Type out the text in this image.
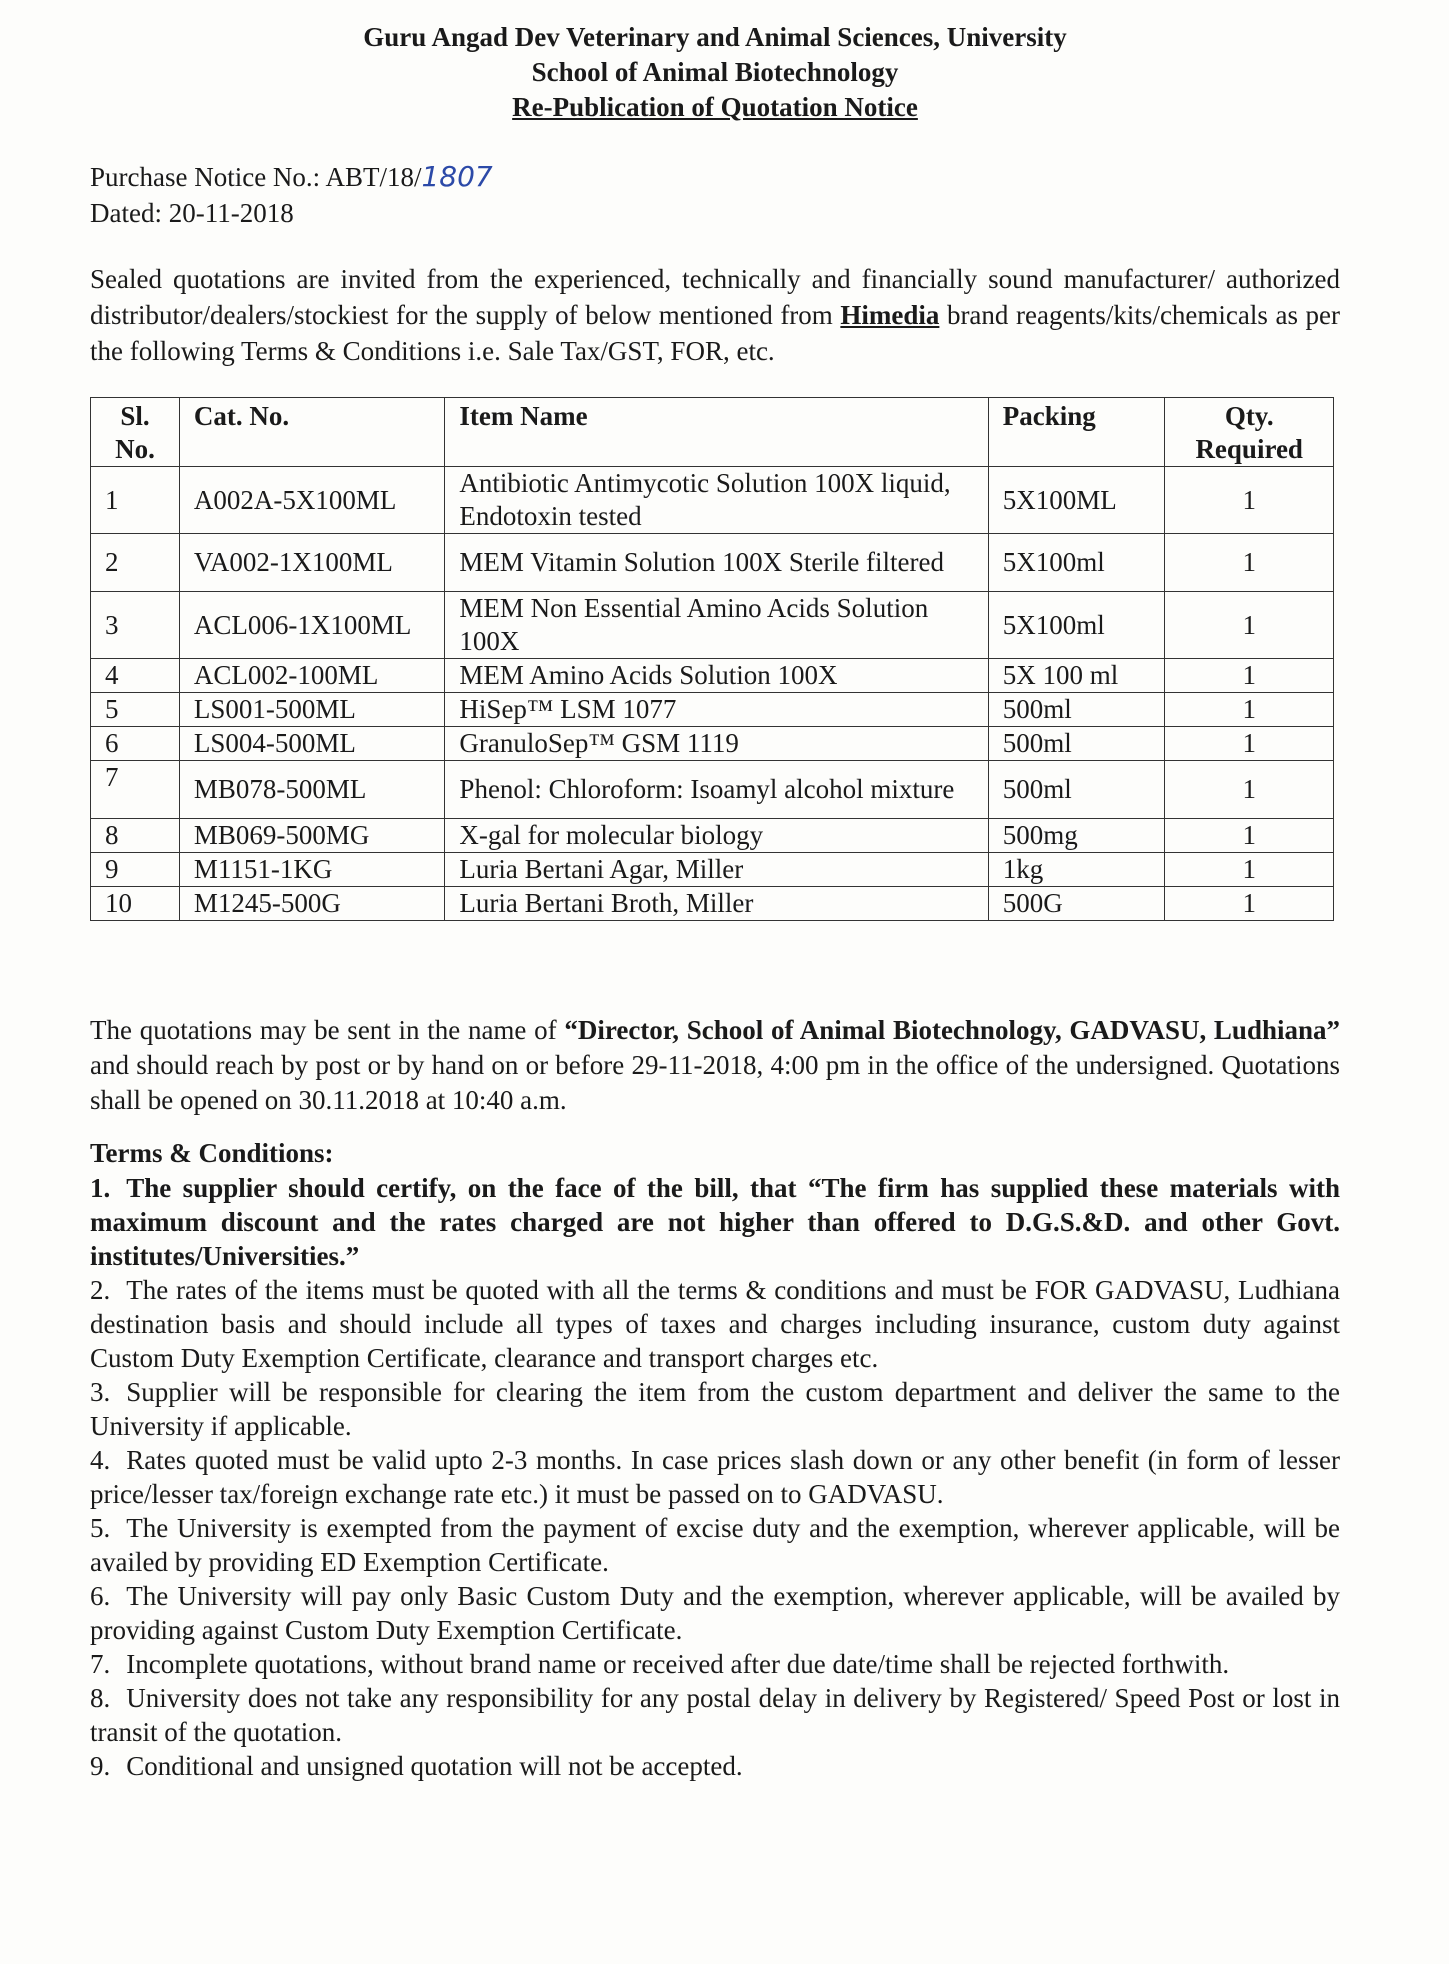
Guru Angad Dev Veterinary and Animal Sciences, University
School of Animal Biotechnology
Re-Publication of Quotation Notice
Purchase Notice No.: ABT/18/1807
Dated: 20-11-2018
Sealed quotations are invited from the experienced, technically and financially sound manufacturer/ authorized distributor/dealers/stockiest for the supply of below mentioned from Himedia brand reagents/kits/chemicals as per the following Terms & Conditions i.e. Sale Tax/GST, FOR, etc.
Sl. No.	Cat. No.	Item Name	Packing	Qty. Required
1	A002A-5X100ML	Antibiotic Antimycotic Solution 100X liquid, Endotoxin tested	5X100ML	1
2	VA002-1X100ML	MEM Vitamin Solution 100X Sterile filtered	5X100ml	1
3	ACL006-1X100ML	MEM Non Essential Amino Acids Solution 100X	5X100ml	1
4	ACL002-100ML	MEM Amino Acids Solution 100X	5X 100 ml	1
5	LS001-500ML	HiSep™ LSM 1077	500ml	1
6	LS004-500ML	GranuloSep™ GSM 1119	500ml	1
7	MB078-500ML	Phenol: Chloroform: Isoamyl alcohol mixture	500ml	1
8	MB069-500MG	X-gal for molecular biology	500mg	1
9	M1151-1KG	Luria Bertani Agar, Miller	1kg	1
10	M1245-500G	Luria Bertani Broth, Miller	500G	1
The quotations may be sent in the name of “Director, School of Animal Biotechnology, GADVASU, Ludhiana” and should reach by post or by hand on or before 29-11-2018, 4:00 pm in the office of the undersigned. Quotations shall be opened on 30.11.2018 at 10:40 a.m.
Terms & Conditions:
1. The supplier should certify, on the face of the bill, that “The firm has supplied these materials with maximum discount and the rates charged are not higher than offered to D.G.S.&D. and other Govt. institutes/Universities.”
2. The rates of the items must be quoted with all the terms & conditions and must be FOR GADVASU, Ludhiana destination basis and should include all types of taxes and charges including insurance, custom duty against Custom Duty Exemption Certificate, clearance and transport charges etc.
3. Supplier will be responsible for clearing the item from the custom department and deliver the same to the University if applicable.
4. Rates quoted must be valid upto 2-3 months. In case prices slash down or any other benefit (in form of lesser price/lesser tax/foreign exchange rate etc.) it must be passed on to GADVASU.
5. The University is exempted from the payment of excise duty and the exemption, wherever applicable, will be availed by providing ED Exemption Certificate.
6. The University will pay only Basic Custom Duty and the exemption, wherever applicable, will be availed by providing against Custom Duty Exemption Certificate.
7. Incomplete quotations, without brand name or received after due date/time shall be rejected forthwith.
8. University does not take any responsibility for any postal delay in delivery by Registered/ Speed Post or lost in transit of the quotation.
9. Conditional and unsigned quotation will not be accepted.
